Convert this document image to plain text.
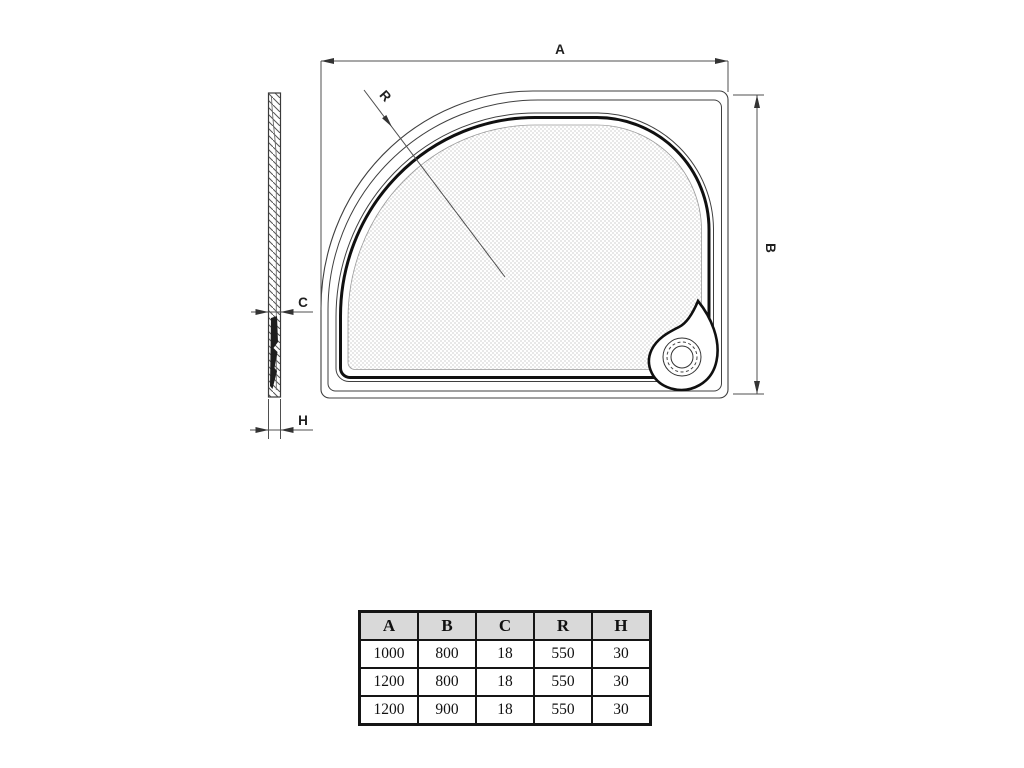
A
B
R
C
H
A	B	C	R	H
1000	800	18	550	30
1200	800	18	550	30
1200	900	18	550	30
